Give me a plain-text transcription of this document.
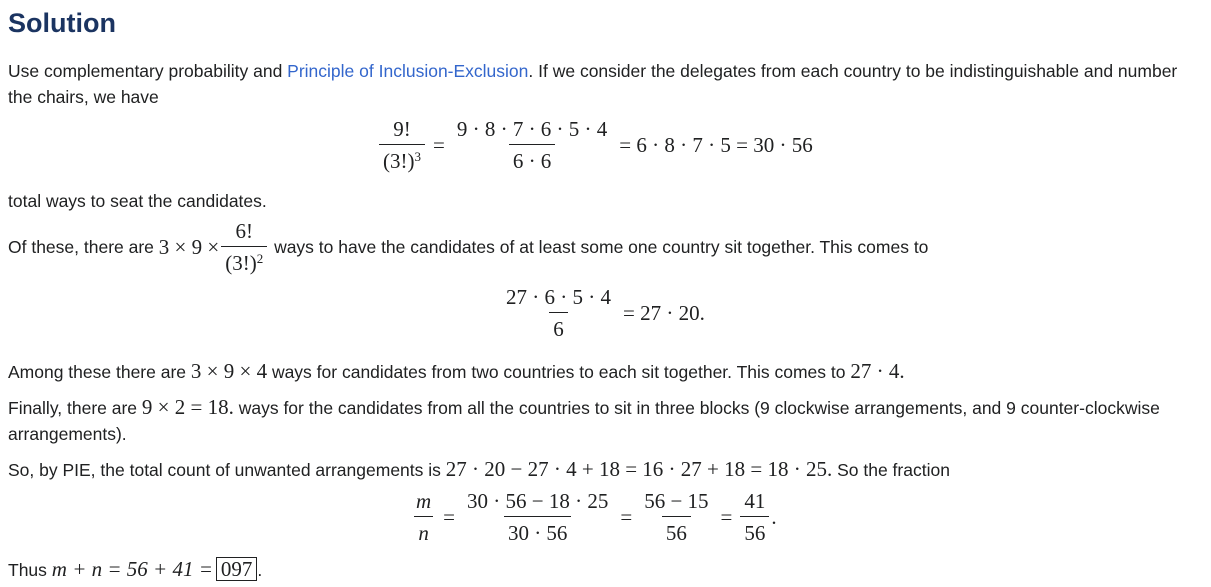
Solution
Use complementary probability and Principle of Inclusion-Exclusion. If we consider the delegates from each country to be indistinguishable and number the chairs, we have
$\frac{9!}{(3!)^3} = \frac{9 \cdot 8 \cdot 7 \cdot 6 \cdot 5 \cdot 4}{6 \cdot 6} = 6 \cdot 8 \cdot 7 \cdot 5 = 30 \cdot 56$
total ways to seat the candidates.
Of these, there are $3 \times 9 \times \frac{6!}{(3!)^2}$ ways to have the candidates of at least some one country sit together. This comes to
$\frac{27 \cdot 6 \cdot 5 \cdot 4}{6} = 27 \cdot 20$.
Among these there are 3 × 9 × 4 ways for candidates from two countries to each sit together. This comes to 27 · 4.
Finally, there are 9 × 2 = 18. ways for the candidates from all the countries to sit in three blocks (9 clockwise arrangements, and 9 counter-clockwise arrangements).
So, by PIE, the total count of unwanted arrangements is 27 · 20 − 27 · 4 + 18 = 16 · 27 + 18 = 18 · 25. So the fraction
$\frac{m}{n} = \frac{30 \cdot 56 - 18 \cdot 25}{30 \cdot 56} = \frac{56 - 15}{56} = \frac{41}{56}$ .
Thus m + n = 56 + 41 = 097 .
